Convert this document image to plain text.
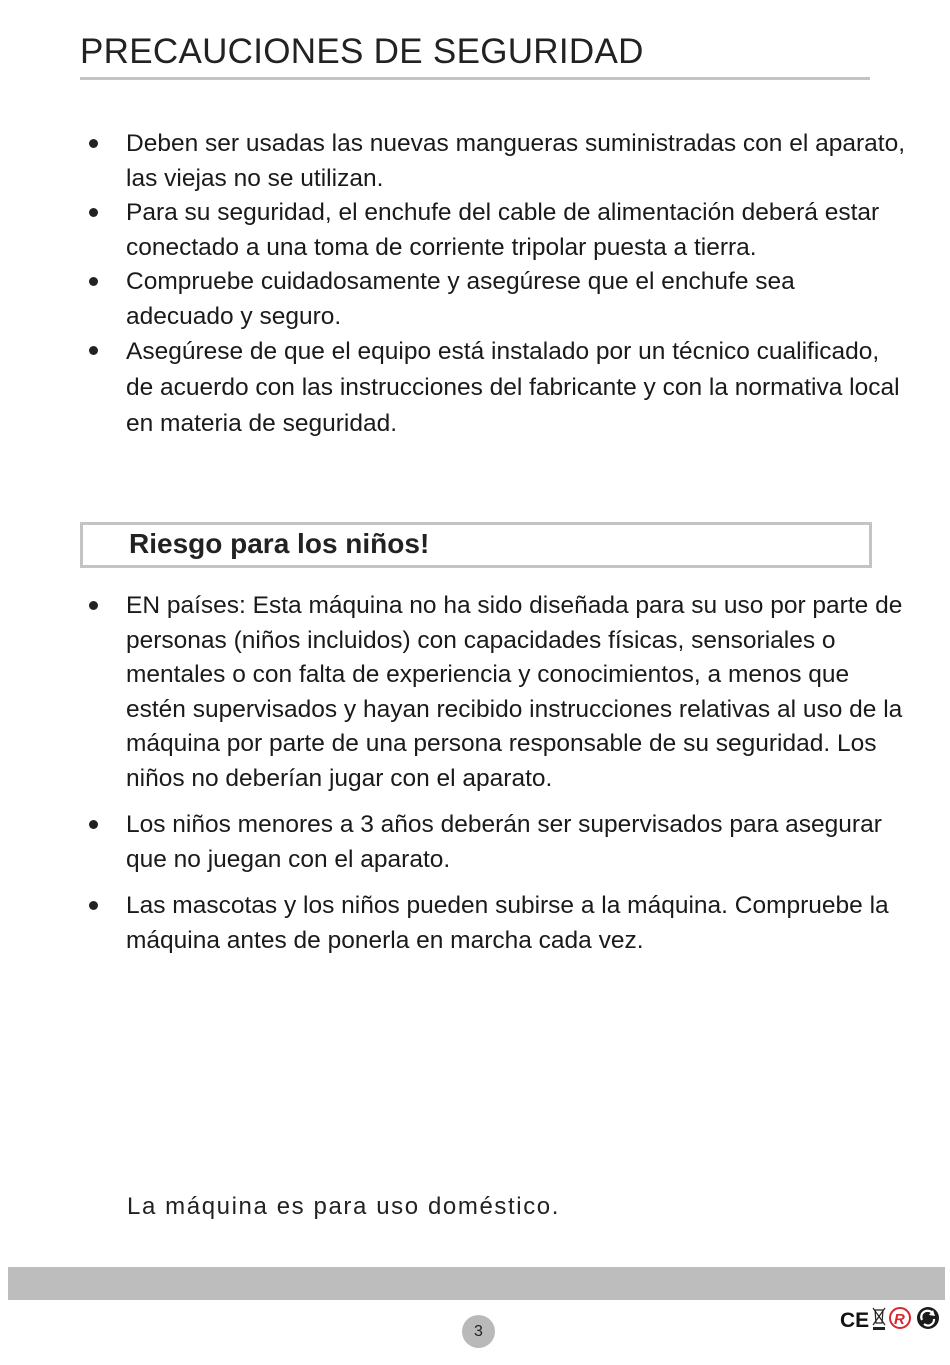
PRECAUCIONES DE SEGURIDAD
Deben ser usadas las nuevas mangueras suministradas con el aparato, las viejas no se utilizan.
Para su seguridad, el enchufe del cable de alimentación deberá estar conectado a una toma de corriente tripolar puesta a tierra.
Compruebe cuidadosamente y asegúrese que el enchufe sea adecuado y seguro.
Asegúrese de que el equipo está instalado por un técnico cualificado, de acuerdo con las instrucciones del fabricante y con la normativa local en materia de seguridad.
Riesgo para los niños!
EN países: Esta máquina no ha sido diseñada para su uso por parte de personas (niños incluidos) con capacidades físicas, sensoriales o mentales o con falta de experiencia y conocimientos, a menos que estén supervisados y hayan recibido instrucciones relativas al uso de la máquina por parte de una persona responsable de su seguridad. Los niños no deberían jugar con el aparato.
Los niños menores a 3 años deberán ser supervisados para asegurar que no juegan con el aparato.
Las mascotas y los niños pueden subirse a la máquina. Compruebe la máquina antes de ponerla en marcha cada vez.
La máquina es para uso doméstico.
3	CE R
